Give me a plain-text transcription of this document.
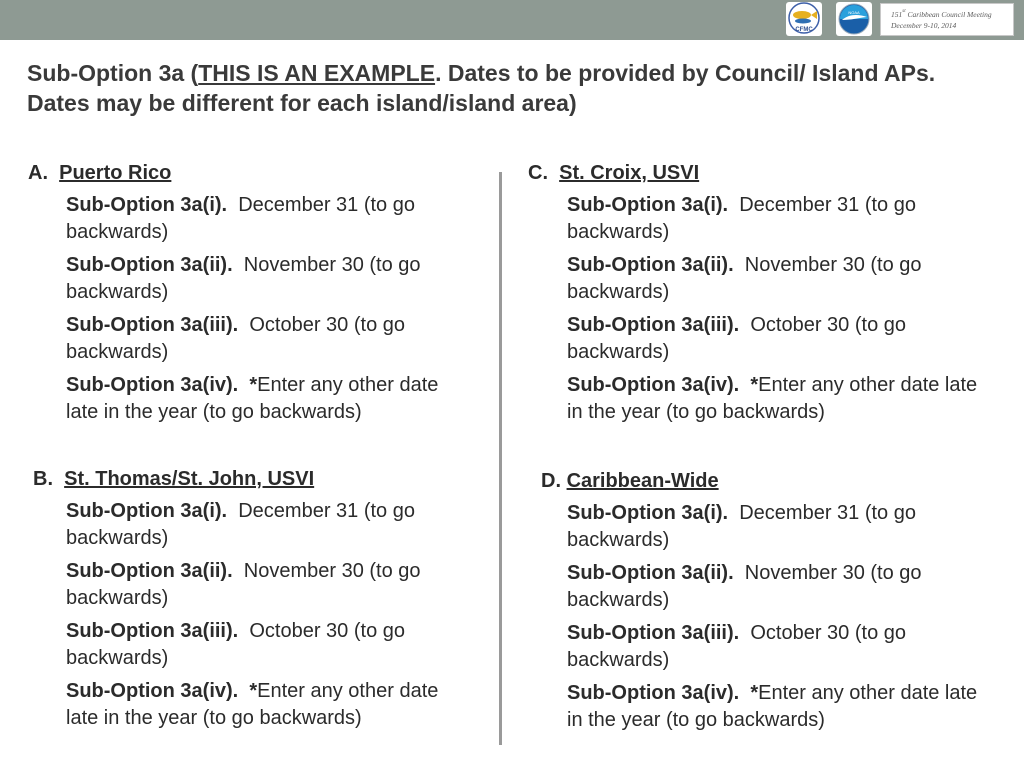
CFMC
NOAA	151st Caribbean Council Meeting
December 9-10, 2014
Sub-Option 3a (THIS IS AN EXAMPLE. Dates to be provided by Council/ Island APs. Dates may be different for each island/island area)
A. Puerto Rico
Sub-Option 3a(i). December 31 (to go backwards)
Sub-Option 3a(ii). November 30 (to go backwards)
Sub-Option 3a(iii). October 30 (to go backwards)
Sub-Option 3a(iv). *Enter any other date late in the year (to go backwards)
B. St. Thomas/St. John, USVI
Sub-Option 3a(i). December 31 (to go backwards)
Sub-Option 3a(ii). November 30 (to go backwards)
Sub-Option 3a(iii). October 30 (to go backwards)
Sub-Option 3a(iv). *Enter any other date late in the year (to go backwards)
C. St. Croix, USVI
Sub-Option 3a(i). December 31 (to go backwards)
Sub-Option 3a(ii). November 30 (to go backwards)
Sub-Option 3a(iii). October 30 (to go backwards)
Sub-Option 3a(iv). *Enter any other date late in the year (to go backwards)
D. Caribbean-Wide
Sub-Option 3a(i). December 31 (to go backwards)
Sub-Option 3a(ii). November 30 (to go backwards)
Sub-Option 3a(iii). October 30 (to go backwards)
Sub-Option 3a(iv). *Enter any other date late in the year (to go backwards)
